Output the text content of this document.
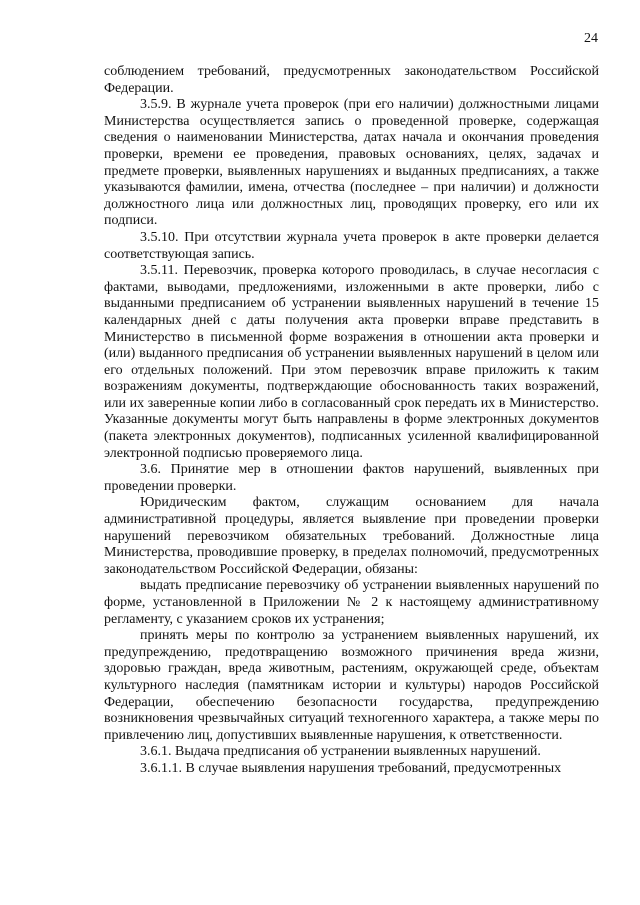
24

соблюдением требований, предусмотренных законодательством Российской Федерации.

3.5.9. В журнале учета проверок (при его наличии) должностными лицами Министерства осуществляется запись о проведенной проверке, содержащая сведения о наименовании Министерства, датах начала и окончания проведения проверки, времени ее проведения, правовых основаниях, целях, задачах и предмете проверки, выявленных нарушениях и выданных предписаниях, а также указываются фамилии, имена, отчества (последнее – при наличии) и должности должностного лица или должностных лиц, проводящих проверку, его или их подписи.

3.5.10. При отсутствии журнала учета проверок в акте проверки делается соответствующая запись.

3.5.11. Перевозчик, проверка которого проводилась, в случае несогласия с фактами, выводами, предложениями, изложенными в акте проверки, либо с выданными предписанием об устранении выявленных нарушений в течение 15 календарных дней с даты получения акта проверки вправе представить в Министерство в письменной форме возражения в отношении акта проверки и (или) выданного предписания об устранении выявленных нарушений в целом или его отдельных положений. При этом перевозчик вправе приложить к таким возражениям документы, подтверждающие обоснованность таких возражений, или их заверенные копии либо в согласованный срок передать их в Министерство. Указанные документы могут быть направлены в форме электронных документов (пакета электронных документов), подписанных усиленной квалифицированной электронной подписью проверяемого лица.

3.6. Принятие мер в отношении фактов нарушений, выявленных при проведении проверки.

Юридическим фактом, служащим основанием для начала административной процедуры, является выявление при проведении проверки нарушений перевозчиком обязательных требований. Должностные лица Министерства, проводившие проверку, в пределах полномочий, предусмотренных законодательством Российской Федерации, обязаны:

выдать предписание перевозчику об устранении выявленных нарушений по форме, установленной в Приложении № 2 к настоящему административному регламенту, с указанием сроков их устранения;

принять меры по контролю за устранением выявленных нарушений, их предупреждению, предотвращению возможного причинения вреда жизни, здоровью граждан, вреда животным, растениям, окружающей среде, объектам культурного наследия (памятникам истории и культуры) народов Российской Федерации, обеспечению безопасности государства, предупреждению возникновения чрезвычайных ситуаций техногенного характера, а также меры по привлечению лиц, допустивших выявленные нарушения, к ответственности.

3.6.1. Выдача предписания об устранении выявленных нарушений.

3.6.1.1. В случае выявления нарушения требований, предусмотренных
